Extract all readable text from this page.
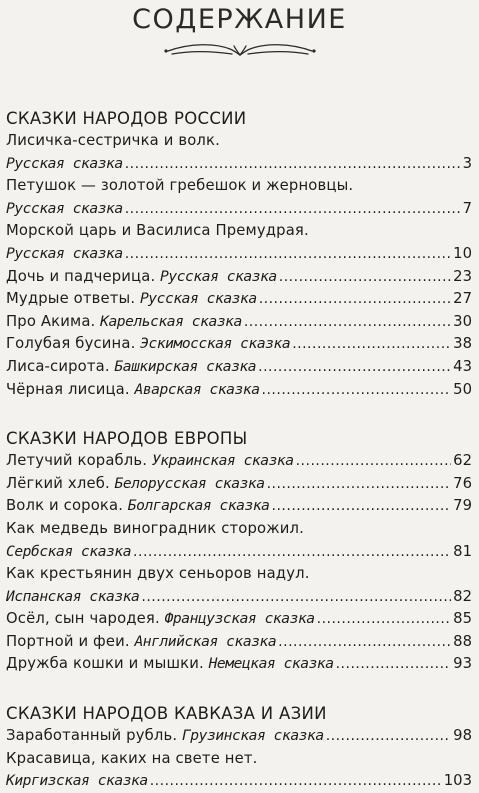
СОДЕРЖАНИЕ
СКАЗКИ НАРОДОВ РОССИИ
Лисичка-сестричка и волк.
Русская сказка .....	3
Петушок — золотой гребешок и жерновцы.
Русская сказка .....	7
Морской царь и Василиса Премудрая.
Русская сказка .....	10
Дочь и падчерица. Русская сказка .....	23
Мудрые ответы. Русская сказка .....	27
Про Акима. Карельская сказка .....	30
Голубая бусина. Эскимосская сказка .....	38
Лиса-сирота. Башкирская сказка .....	43
Чёрная лисица. Аварская сказка .....	50
СКАЗКИ НАРОДОВ ЕВРОПЫ
Летучий корабль. Украинская сказка .....	62
Лёгкий хлеб. Белорусская сказка .....	76
Волк и сорока. Болгарская сказка .....	79
Как медведь виноградник сторожил.
Сербская сказка .....	81
Как крестьянин двух сеньоров надул.
Испанская сказка .....	82
Осёл, сын чародея. Французская сказка .....	85
Портной и феи. Английская сказка .....	88
Дружба кошки и мышки. Немецкая сказка .....	93
СКАЗКИ НАРОДОВ КАВКАЗА И АЗИИ
Заработанный рубль. Грузинская сказка .....	98
Красавица, каких на свете нет.
Киргизская сказка .....	103
